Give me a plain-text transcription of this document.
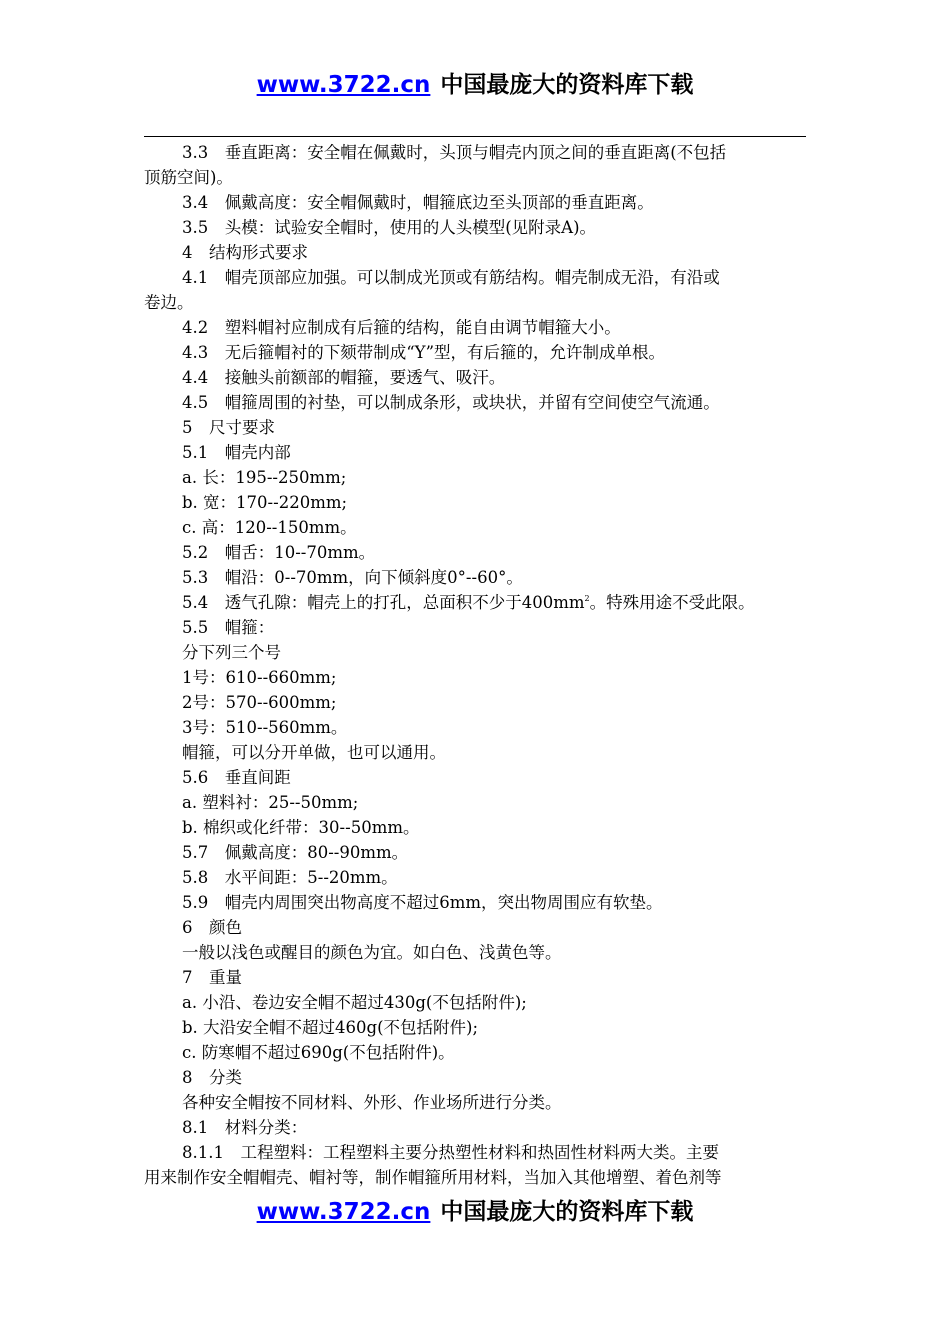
www.3722.cn 中国最庞大的资料库下载
3.3　垂直距离：安全帽在佩戴时，头顶与帽壳内顶之间的垂直距离(不包括
顶筋空间)。
3.4　佩戴高度：安全帽佩戴时，帽箍底边至头顶部的垂直距离。
3.5　头模：试验安全帽时，使用的人头模型(见附录A)。
4　结构形式要求
4.1　帽壳顶部应加强。可以制成光顶或有筋结构。帽壳制成无沿，有沿或
卷边。
4.2　塑料帽衬应制成有后箍的结构，能自由调节帽箍大小。
4.3　无后箍帽衬的下颏带制成“Y”型，有后箍的，允许制成单根。
4.4　接触头前额部的帽箍，要透气、吸汗。
4.5　帽箍周围的衬垫，可以制成条形，或块状，并留有空间使空气流通。
5　尺寸要求
5.1　帽壳内部
a. 长：195--250mm;
b. 宽：170--220mm;
c. 高：120--150mm。
5.2　帽舌：10--70mm。
5.3　帽沿：0--70mm，向下倾斜度0°--60°。
5.4　透气孔隙：帽壳上的打孔，总面积不少于$400mm^2$。特殊用途不受此限。
5.5　帽箍：
分下列三个号
1号：610--660mm;
2号：570--600mm;
3号：510--560mm。
帽箍，可以分开单做，也可以通用。
5.6　垂直间距
a. 塑料衬：25--50mm;
b. 棉织或化纤带：30--50mm。
5.7　佩戴高度：80--90mm。
5.8　水平间距：5--20mm。
5.9　帽壳内周围突出物高度不超过6mm，突出物周围应有软垫。
6　颜色
一般以浅色或醒目的颜色为宜。如白色、浅黄色等。
7　重量
a. 小沿、卷边安全帽不超过430g(不包括附件);
b. 大沿安全帽不超过460g(不包括附件);
c. 防寒帽不超过690g(不包括附件)。
8　分类
各种安全帽按不同材料、外形、作业场所进行分类。
8.1　材料分类：
8.1.1　工程塑料：工程塑料主要分热塑性材料和热固性材料两大类。主要
用来制作安全帽帽壳、帽衬等，制作帽箍所用材料，当加入其他增塑、着色剂等
www.3722.cn 中国最庞大的资料库下载
